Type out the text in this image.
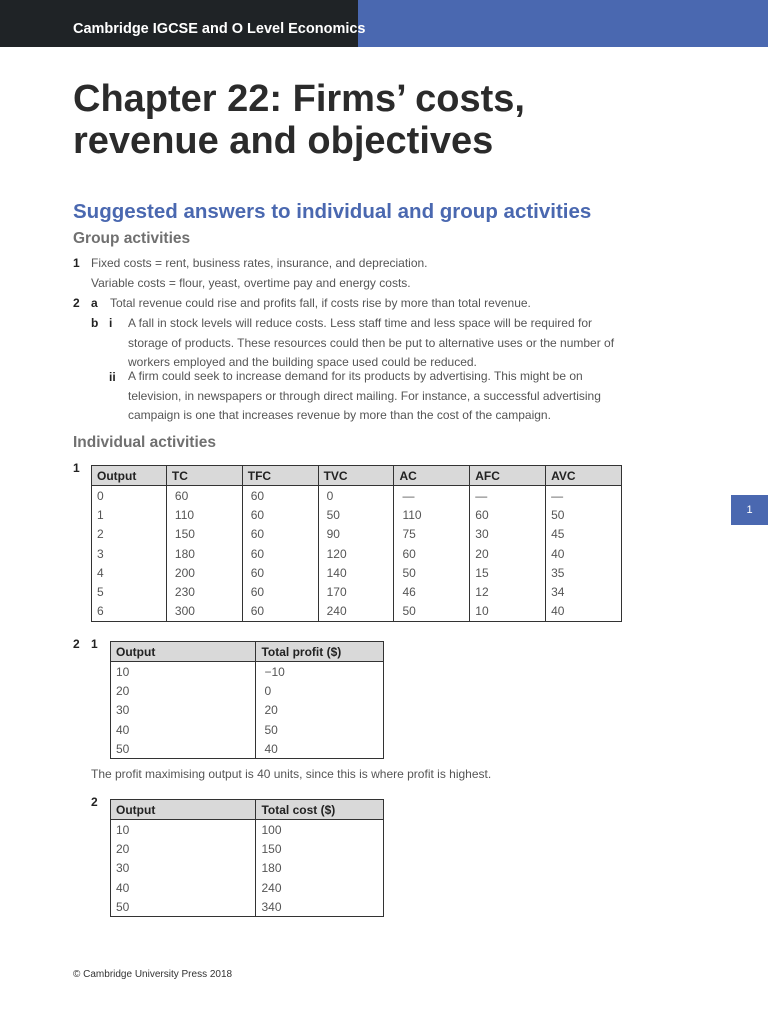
Cambridge IGCSE and O Level Economics
Chapter 22: Firms’ costs, revenue and objectives
Suggested answers to individual and group activities
Group activities
1 Fixed costs = rent, business rates, insurance, and depreciation.
Variable costs = flour, yeast, overtime pay and energy costs.
2 a Total revenue could rise and profits fall, if costs rise by more than total revenue.
b i A fall in stock levels will reduce costs. Less staff time and less space will be required for storage of products. These resources could then be put to alternative uses or the number of workers employed and the building space used could be reduced.
ii A firm could seek to increase demand for its products by advertising. This might be on television, in newspapers or through direct mailing. For instance, a successful advertising campaign is one that increases revenue by more than the cost of the campaign.
Individual activities
1
Output	TC	TFC	TVC	AC	AFC	AVC
0	60	60	0	—	—	—
1	110	60	50	110	60	50
2	150	60	90	75	30	45
3	180	60	120	60	20	40
4	200	60	140	50	15	35
5	230	60	170	46	12	34
6	300	60	240	50	10	40
2 1
Output	Total profit ($)
10	−10
20	0
30	20
40	50
50	40
The profit maximising output is 40 units, since this is where profit is highest.
2
Output	Total cost ($)
10	100
20	150
30	180
40	240
50	340
1
© Cambridge University Press 2018
